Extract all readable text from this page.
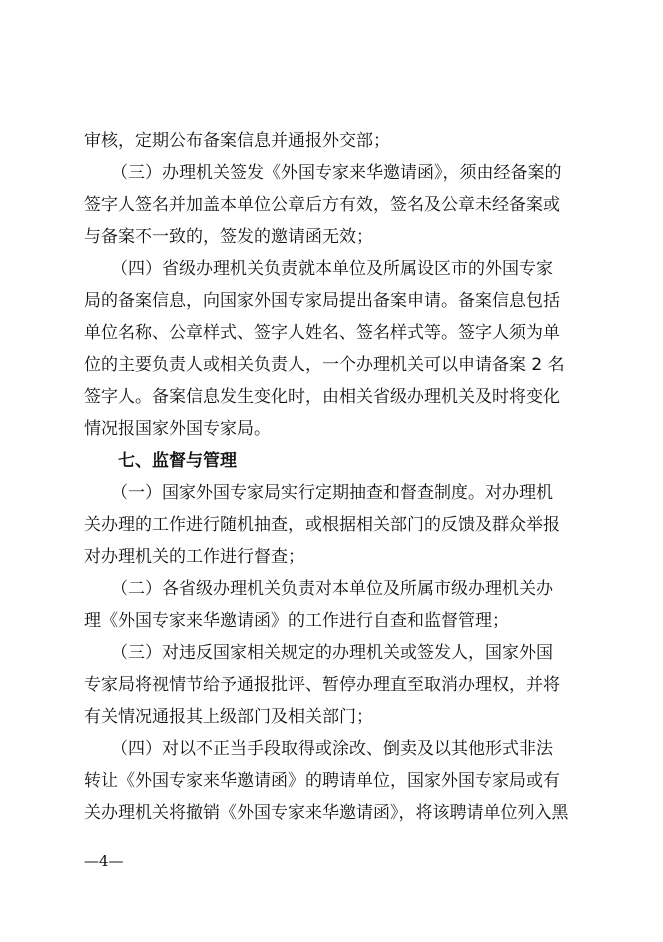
审核，定期公布备案信息并通报外交部；
（三）办理机关签发《外国专家来华邀请函》，须由经备案的
签字人签名并加盖本单位公章后方有效，签名及公章未经备案或
与备案不一致的，签发的邀请函无效；
（四）省级办理机关负责就本单位及所属设区市的外国专家
局的备案信息，向国家外国专家局提出备案申请。备案信息包括
单位名称、公章样式、签字人姓名、签名样式等。签字人须为单
位的主要负责人或相关负责人，一个办理机关可以申请备案 2 名
签字人。备案信息发生变化时，由相关省级办理机关及时将变化
情况报国家外国专家局。
七、监督与管理
（一）国家外国专家局实行定期抽查和督查制度。对办理机
关办理的工作进行随机抽查，或根据相关部门的反馈及群众举报
对办理机关的工作进行督查；
（二）各省级办理机关负责对本单位及所属市级办理机关办
理《外国专家来华邀请函》的工作进行自查和监督管理；
（三）对违反国家相关规定的办理机关或签发人，国家外国
专家局将视情节给予通报批评、暂停办理直至取消办理权，并将
有关情况通报其上级部门及相关部门；
（四）对以不正当手段取得或涂改、倒卖及以其他形式非法
转让《外国专家来华邀请函》的聘请单位，国家外国专家局或有
关办理机关将撤销《外国专家来华邀请函》，将该聘请单位列入黑
—4—
